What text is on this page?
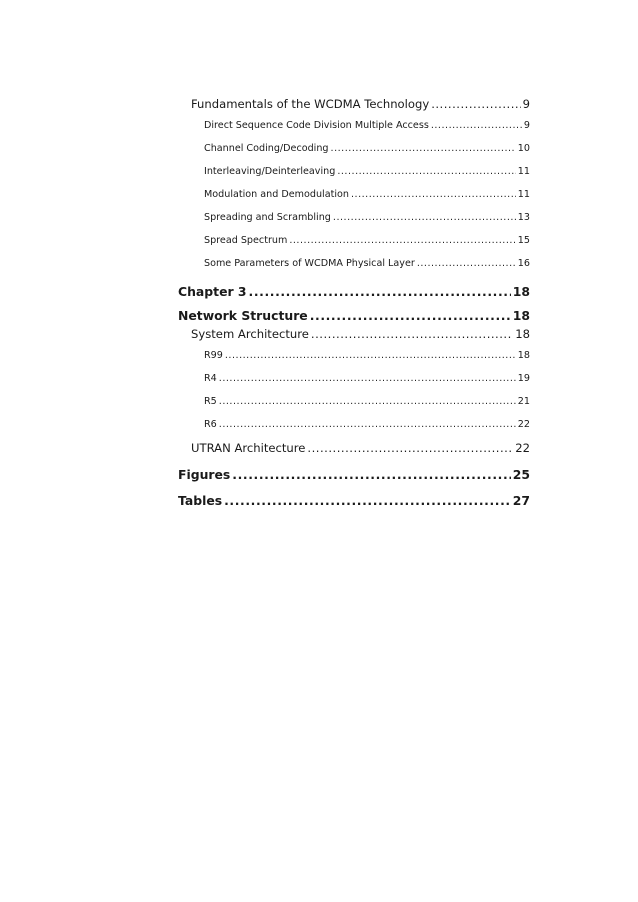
Fundamentals of the WCDMA Technology .....	9
Direct Sequence Code Division Multiple Access .....	9
Channel Coding/Decoding .....	10
Interleaving/Deinterleaving .....	11
Modulation and Demodulation .....	11
Spreading and Scrambling .....	13
Spread Spectrum .....	15
Some Parameters of WCDMA Physical Layer .....	16
Chapter 3 .....	18
Network Structure .....	18
System Architecture .....	18
R99 .....	18
R4 .....	19
R5 .....	21
R6 .....	22
UTRAN Architecture .....	22
Figures .....	25
Tables .....	27
